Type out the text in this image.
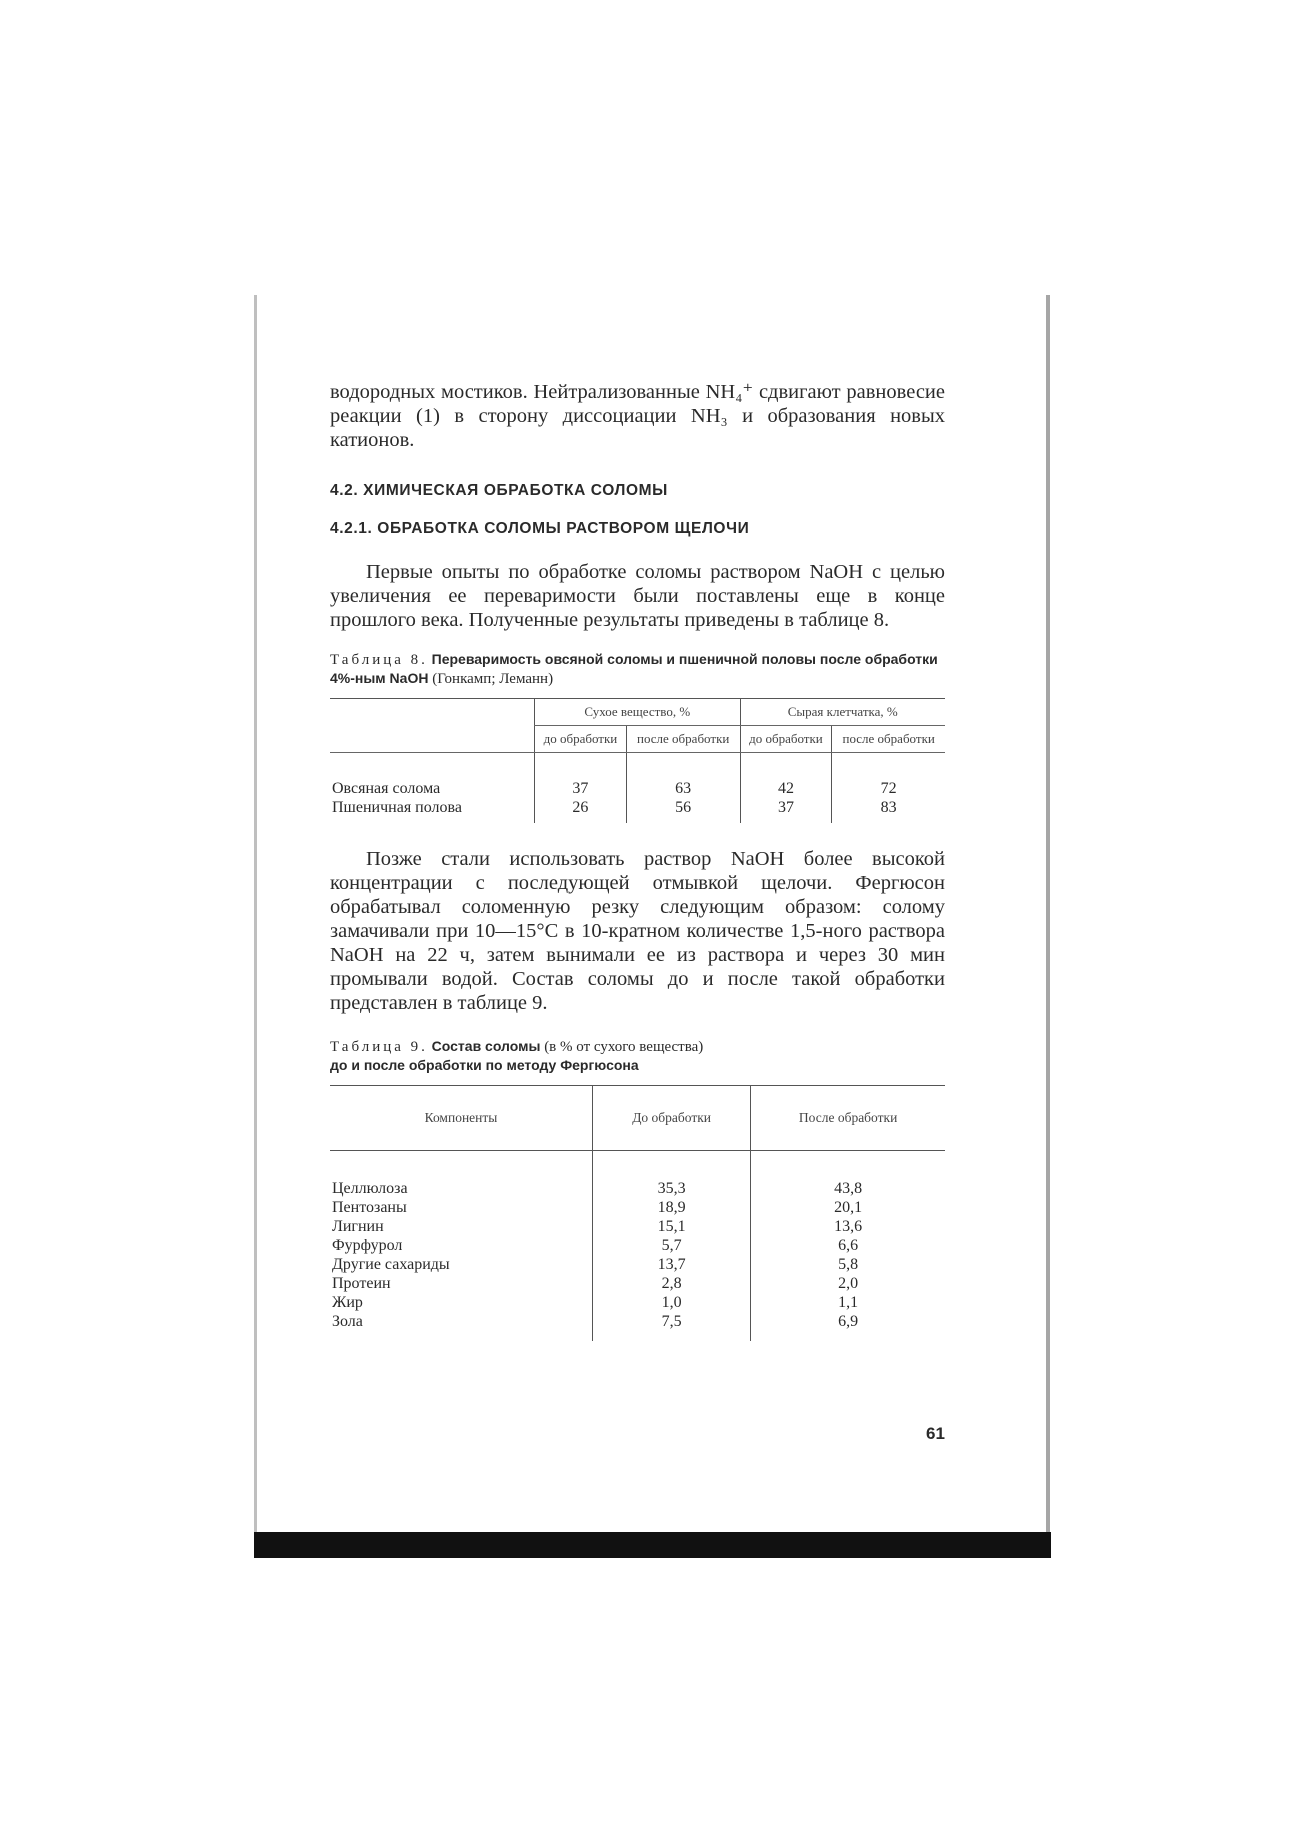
водородных мостиков. Нейтрализованные NH₄⁺ сдвигают равновесие реакции (1) в сторону диссоциации NH₃ и образования новых катионов.

4.2. ХИМИЧЕСКАЯ ОБРАБОТКА СОЛОМЫ
4.2.1. ОБРАБОТКА СОЛОМЫ РАСТВОРОМ ЩЕЛОЧИ

Первые опыты по обработке соломы раствором NaOH с целью увеличения ее переваримости были поставлены еще в конце прошлого века. Полученные результаты приведены в таблице 8.

Таблица 8. Переваримость овсяной соломы и пшеничной половы после обработки 4%-ным NaOH (Гонкамп; Леманн)
	Сухое вещество, %		Сырая клетчатка, %	
	до обработки	после обработки	до обработки	после обработки
Овсяная солома	37	63	42	72
Пшеничная полова	26	56	37	83

Позже стали использовать раствор NaOH более высокой концентрации с последующей отмывкой щелочи. Фергюсон обрабатывал соломенную резку следующим образом: солому замачивали при 10—15°С в 10-кратном количестве 1,5-ного раствора NaOH на 22 ч, затем вынимали ее из раствора и через 30 мин промывали водой. Состав соломы до и после такой обработки представлен в таблице 9.

Таблица 9. Состав соломы (в % от сухого вещества)
до и после обработки по методу Фергюсона
Компоненты	До обработки	После обработки
Целлюлоза	35,3	43,8
Пентозаны	18,9	20,1
Лигнин	15,1	13,6
Фурфурол	5,7	6,6
Другие сахариды	13,7	5,8
Протеин	2,8	2,0
Жир	1,0	1,1
Зола	7,5	6,9
61
